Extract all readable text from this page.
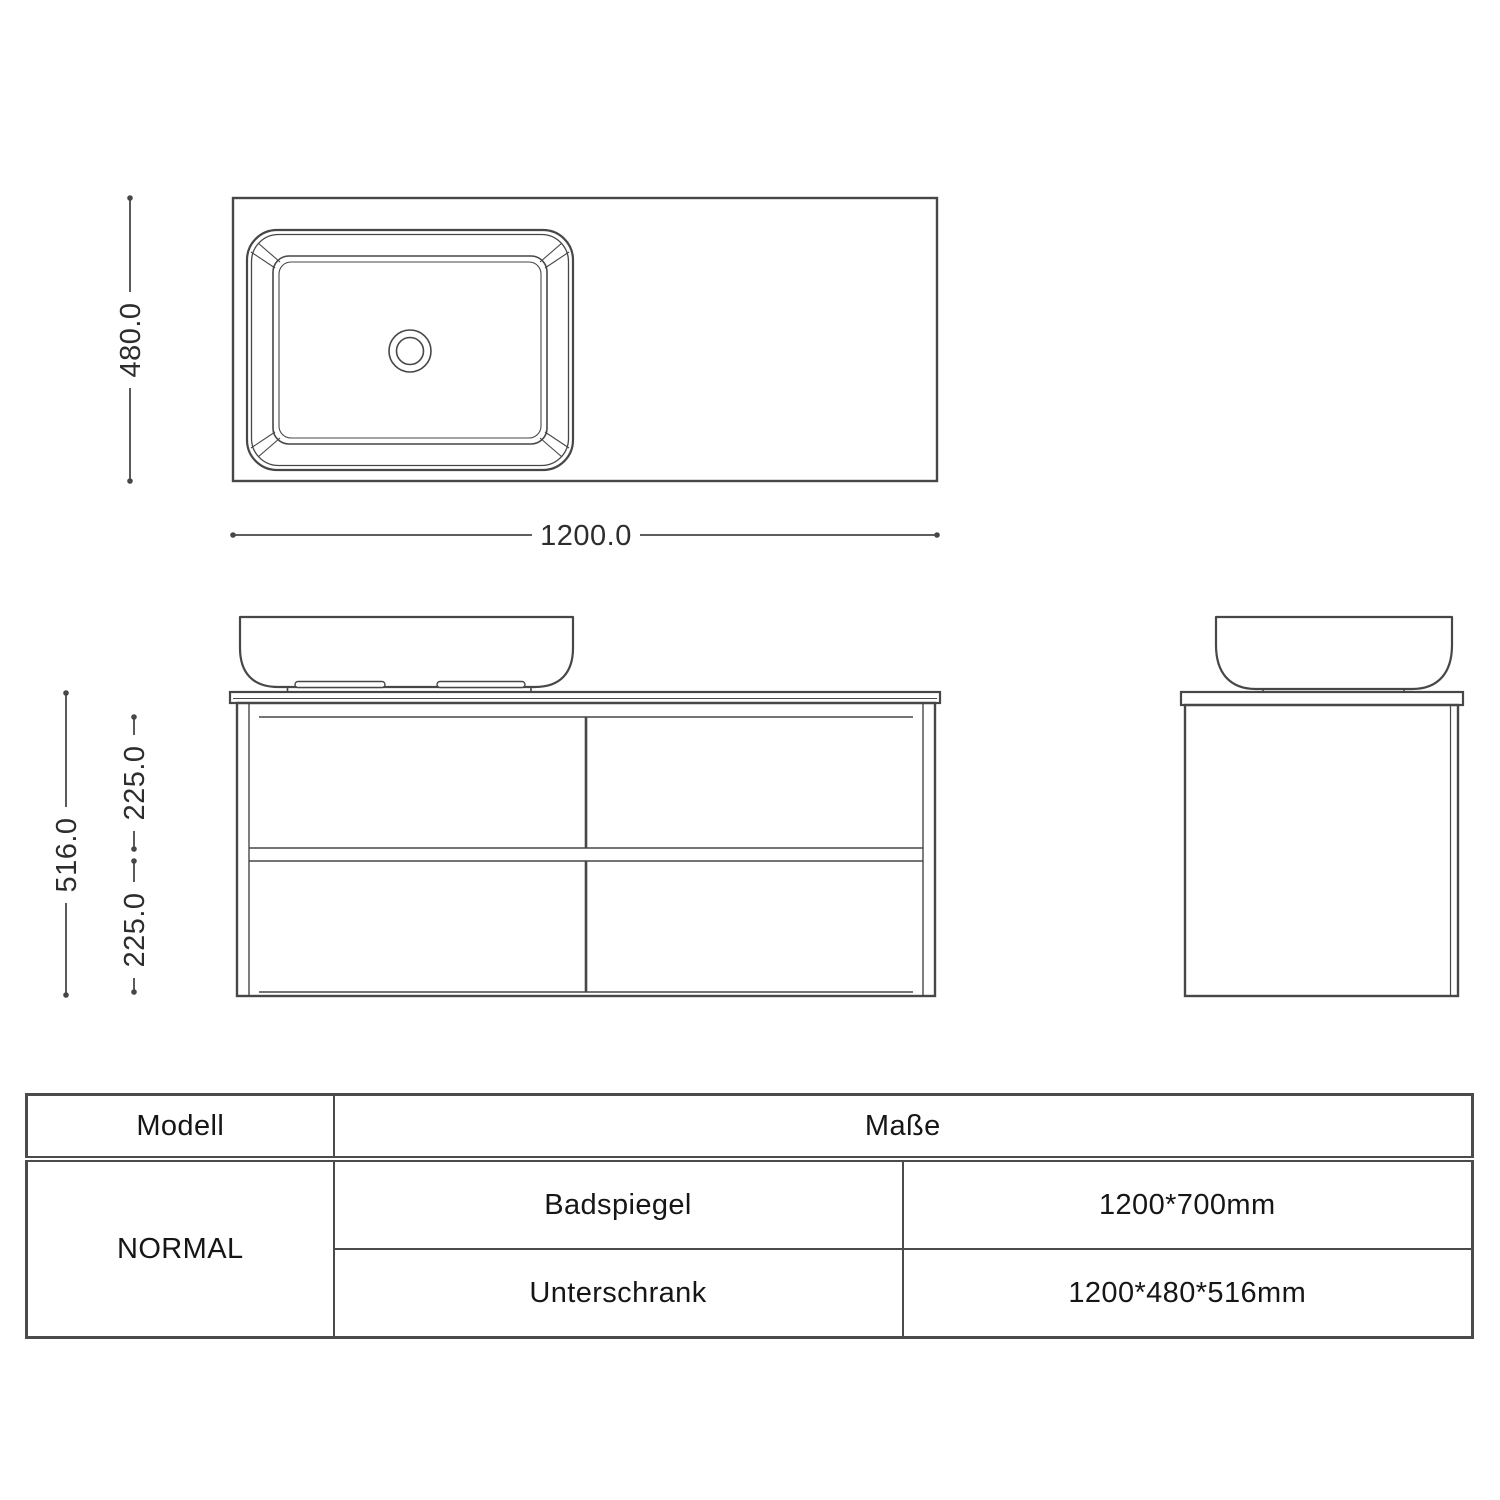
480.0
1200.0
516.0
225.0
225.0
Modell	Maße	
NORMAL	Badspiegel	1200*700mm
	Unterschrank	1200*480*516mm
